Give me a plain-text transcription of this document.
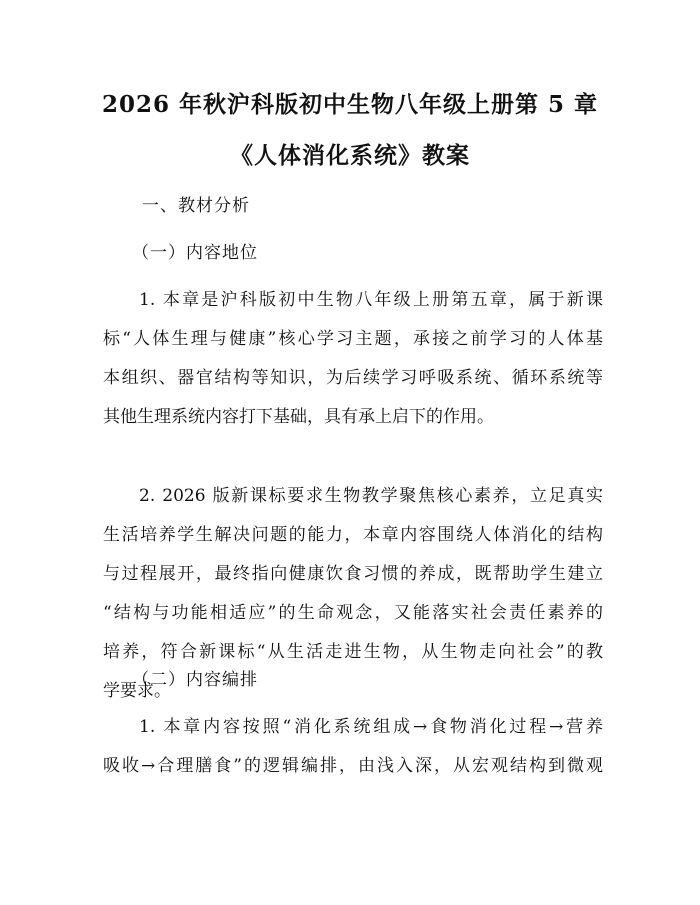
2026 年秋沪科版初中生物八年级上册第 5 章
《人体消化系统》教案
一、教材分析
（一）内容地位
1. 本章是沪科版初中生物八年级上册第五章，属于新课
标“人体生理与健康”核心学习主题，承接之前学习的人体基
本组织、器官结构等知识，为后续学习呼吸系统、循环系统等
其他生理系统内容打下基础，具有承上启下的作用。
2. 2026 版新课标要求生物教学聚焦核心素养，立足真实
生活培养学生解决问题的能力，本章内容围绕人体消化的结构
与过程展开，最终指向健康饮食习惯的养成，既帮助学生建立
“结构与功能相适应”的生命观念，又能落实社会责任素养的
培养，符合新课标“从生活走进生物，从生物走向社会”的教
学要求。
（二）内容编排
1. 本章内容按照“消化系统组成→食物消化过程→营养
吸收→合理膳食”的逻辑编排，由浅入深，从宏观结构到微观
